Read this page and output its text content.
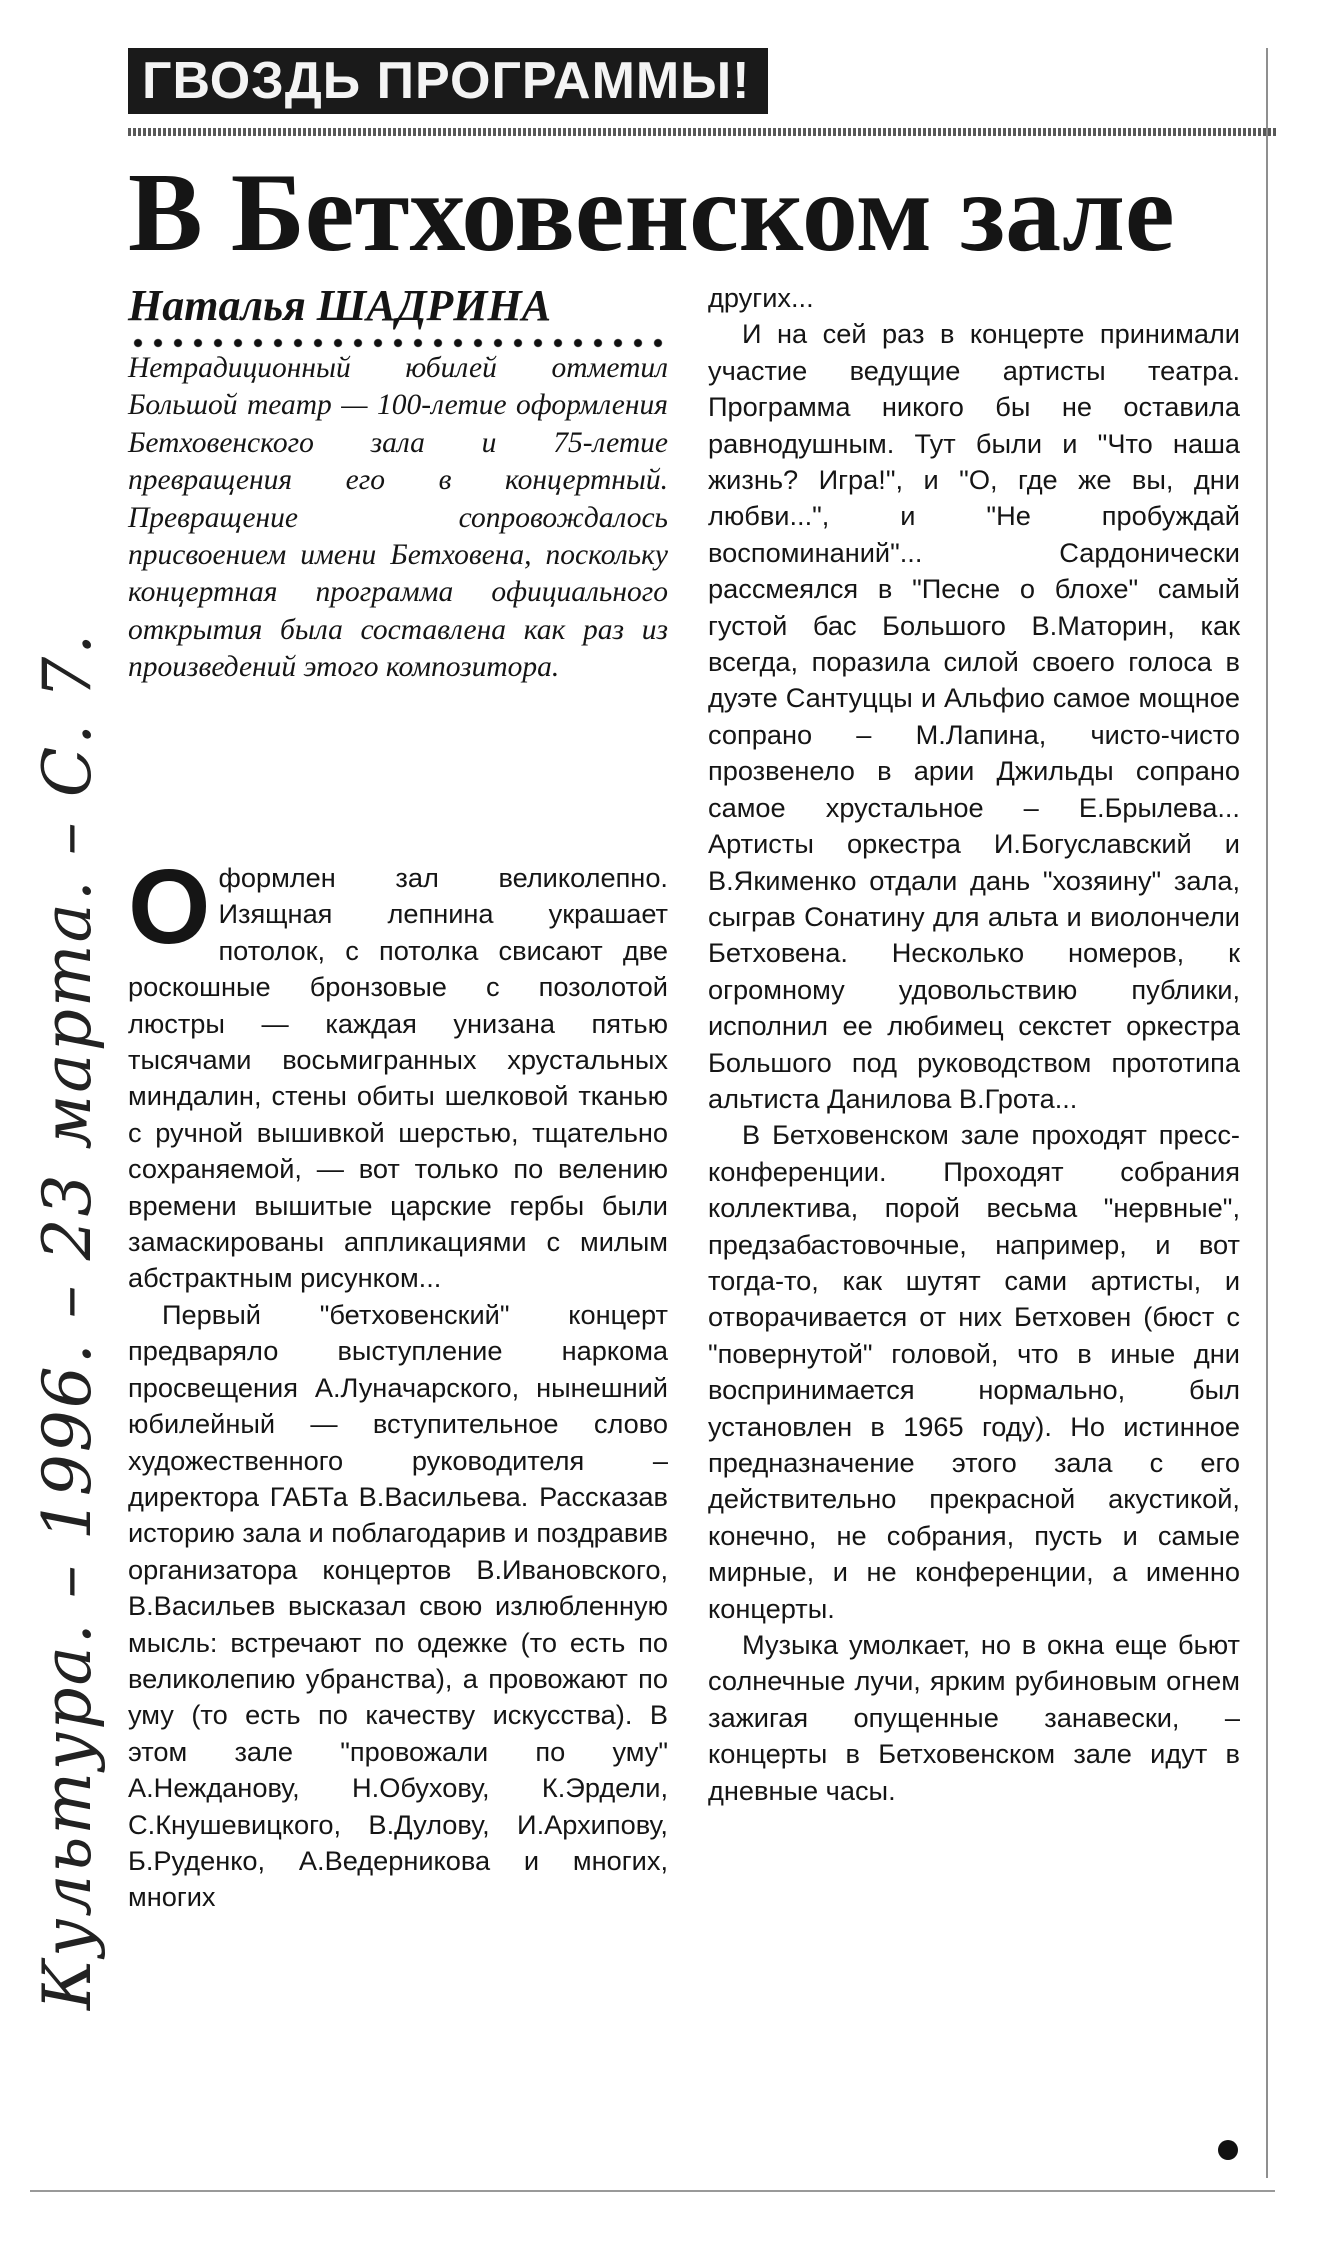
ГВОЗДЬ ПРОГРАММЫ!
В Бетховенском зале
Наталья ШАДРИНА
Нетрадиционный юбилей отметил Большой театр — 100-летие оформления Бетховенского зала и 75-летие превращения его в концертный. Превращение сопровождалось присвоением имени Бетховена, поскольку концертная программа официального открытия была составлена как раз из произведений этого композитора.

Оформлен зал великолепно. Изящная лепнина украшает потолок, с потолка свисают две роскошные бронзовые с позолотой люстры — каждая унизана пятью тысячами восьмигранных хрустальных миндалин, стены обиты шелковой тканью с ручной вышивкой шерстью, тщательно сохраняемой, — вот только по велению времени вышитые царские гербы были замаскированы аппликациями с милым абстрактным рисунком...

Первый "бетховенский" концерт предваряло выступление наркома просвещения А.Луначарского, нынешний юбилейный — вступительное слово художественного руководителя – директора ГАБТа В.Васильева. Рассказав историю зала и поблагодарив и поздравив организатора концертов В.Ивановского, В.Васильев высказал свою излюбленную мысль: встречают по одежке (то есть по великолепию убранства), а провожают по уму (то есть по качеству искусства). В этом зале "провожали по уму" А.Нежданову, Н.Обухову, К.Эрдели, С.Кнушевицкого, В.Дулову, И.Архипову, Б.Руденко, А.Ведерникова и многих, многих

других...

И на сей раз в концерте принимали участие ведущие артисты театра. Программа никого бы не оставила равнодушным. Тут были и "Что наша жизнь? Игра!", и "О, где же вы, дни любви...", и "Не пробуждай воспоминаний"... Сардонически рассмеялся в "Песне о блохе" самый густой бас Большого В.Маторин, как всегда, поразила силой своего голоса в дуэте Сантуццы и Альфио самое мощное сопрано – М.Лапина, чисто-чисто прозвенело в арии Джильды сопрано самое хрустальное – Е.Брылева... Артисты оркестра И.Богуславский и В.Якименко отдали дань "хозяину" зала, сыграв Сонатину для альта и виолончели Бетховена. Несколько номеров, к огромному удовольствию публики, исполнил ее любимец секстет оркестра Большого под руководством прототипа альтиста Данилова В.Грота...

В Бетховенском зале проходят пресс-конференции. Проходят собрания коллектива, порой весьма "нервные", предзабастовочные, например, и вот тогда-то, как шутят сами артисты, и отворачивается от них Бетховен (бюст с "повернутой" головой, что в иные дни воспринимается нормально, был установлен в 1965 году). Но истинное предназначение этого зала с его действительно прекрасной акустикой, конечно, не собрания, пусть и самые мирные, и не конференции, а именно концерты.

Музыка умолкает, но в окна еще бьют солнечные лучи, ярким рубиновым огнем зажигая опущенные занавески, – концерты в Бетховенском зале идут в дневные часы.

Культура. – 1996. – 23 марта. – С. 7.
